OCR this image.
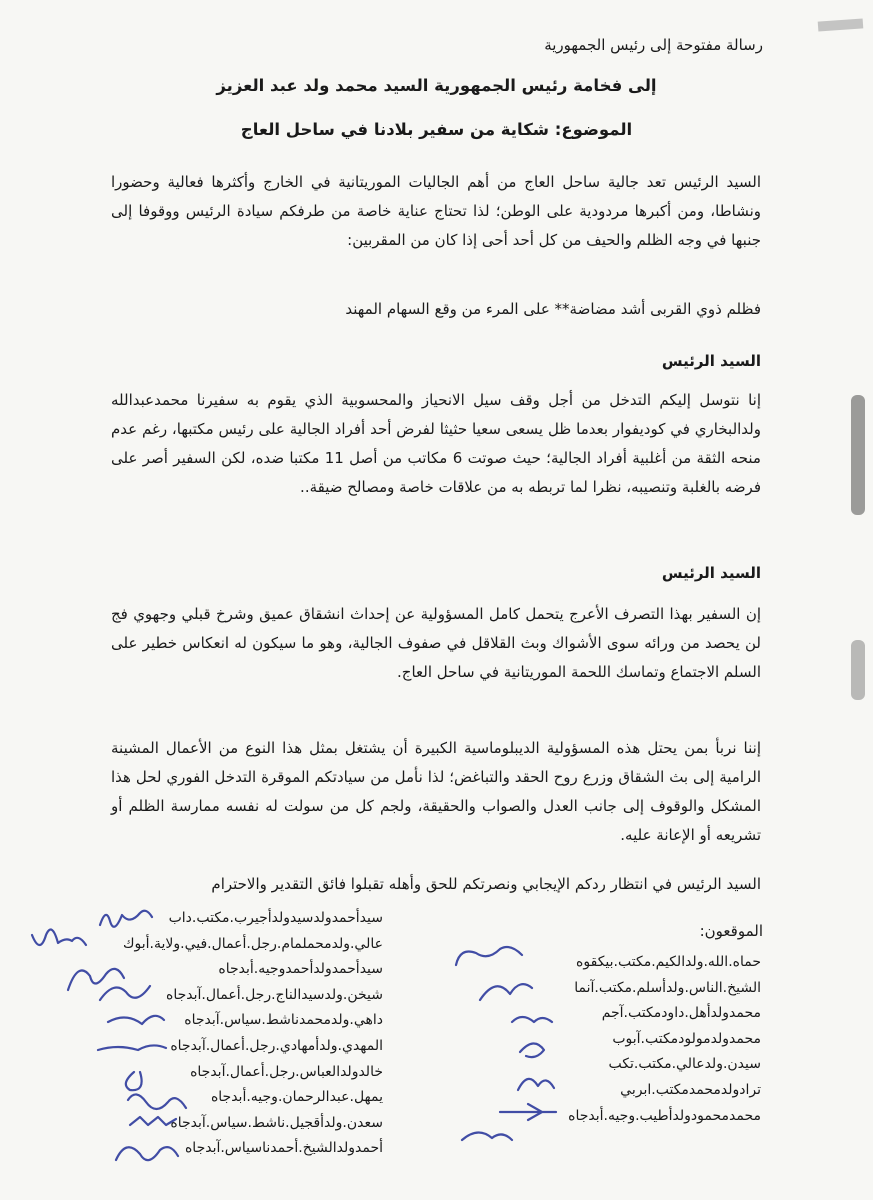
رسالة مفتوحة إلى رئيس الجمهورية
إلى فخامة رئيس الجمهورية السيد محمد ولد عبد العزيز
الموضوع: شكاية من سفير بلادنا في ساحل العاج
السيد الرئيس تعد جالية ساحل العاج من أهم الجاليات الموريتانية في الخارج وأكثرها فعالية وحضورا ونشاطا، ومن أكبرها مردودية على الوطن؛ لذا تحتاج عناية خاصة من طرفكم سيادة الرئيس ووقوفا إلى جنبها في وجه الظلم والحيف من كل أحد أحى إذا كان من المقربين:
فظلم ذوي القربى أشد مضاضة** على المرء من وقع السهام المهند
السيد الرئيس
إنا نتوسل إليكم التدخل من أجل وقف سيل الانحياز والمحسوبية الذي يقوم به سفيرنا محمدعبدالله ولدالبخاري في كوديفوار بعدما ظل يسعى سعيا حثيثا لفرض أحد أفراد الجالية على رئيس مكتبها، رغم عدم منحه الثقة من أغلبية أفراد الجالية؛ حيث صوتت 6 مكاتب من أصل 11 مكتبا ضده، لكن السفير أصر على فرضه بالغلبة وتنصيبه، نظرا لما تربطه به من علاقات خاصة ومصالح ضيقة..
السيد الرئيس
إن السفير بهذا التصرف الأعرج يتحمل كامل المسؤولية عن إحداث انشقاق عميق وشرخ قبلي وجهوي فج لن يحصد من ورائه سوى الأشواك وبث القلاقل في صفوف الجالية، وهو ما سيكون له انعكاس خطير على السلم الاجتماع وتماسك اللحمة الموريتانية في ساحل العاج.
إننا نربأ بمن يحتل هذه المسؤولية الديبلوماسية الكبيرة أن يشتغل بمثل هذا النوع من الأعمال المشينة الرامية إلى بث الشقاق وزرع روح الحقد والتباغض؛ لذا نأمل من سيادتكم الموقرة التدخل الفوري لحل هذا المشكل والوقوف إلى جانب العدل والصواب والحقيقة، ولجم كل من سولت له نفسه ممارسة الظلم أو تشريعه أو الإعانة عليه.
السيد الرئيس في انتظار ردكم الإيجابي ونصرتكم للحق وأهله تقبلوا فائق التقدير والاحترام
الموقعون:
حماه.الله.ولدالكيم.مكتب.بيكقوه
الشيخ.الناس.ولدأسلم.مكتب.آنما
محمدولدأهل.داودمكتب.آجم
محمدولدمولودمكتب.آبوب
سيدن.ولدعالي.مكتب.تكب
ترادولدمحمدمكتب.ابربي
محمدمحمودولدأطيب.وجيه.أبدجاه
سيدأحمدولدسيدولدأجيرب.مكتب.داب
عالي.ولدمحملمام.رجل.أعمال.فيي.ولاية.أبوك
سيدأحمدولدأحمدوجيه.أبدجاه
شيخن.ولدسيدالناج.رجل.أعمال.آبدجاه
داهي.ولدمحمدناشط.سياس.آبدجاه
المهدي.ولدأمهادي.رجل.أعمال.آبدجاه
خالدولدالعباس.رجل.أعمال.آبدجاه
يمهل.عبدالرحمان.وجيه.أبدجاه
سعدن.ولدأقجيل.ناشط.سياس.آبدجاه
أحمدولدالشيخ.أحمدناسياس.آبدجاه
